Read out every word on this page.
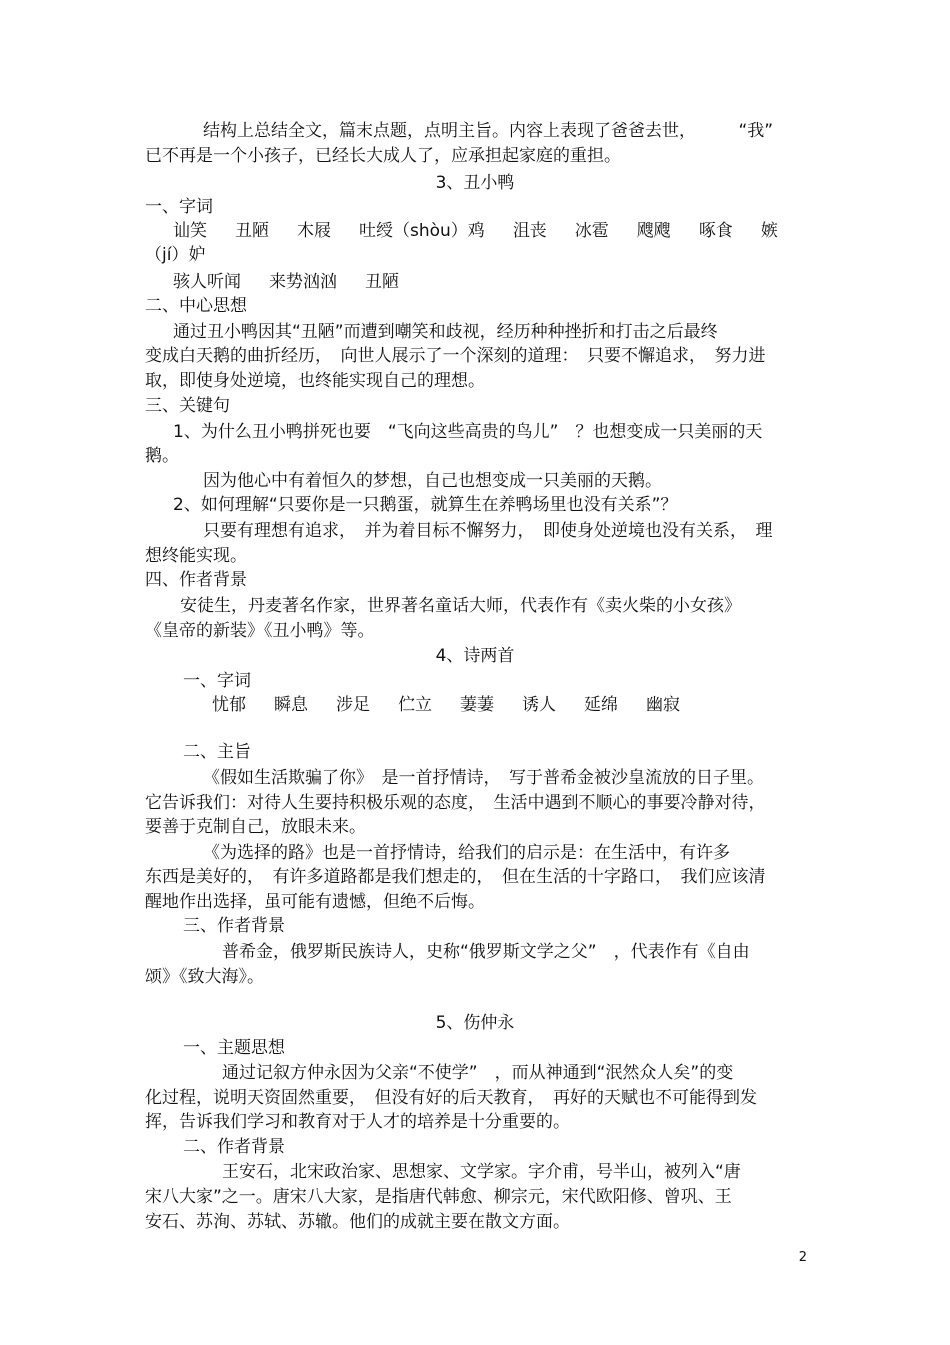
结构上总结全文，篇末点题，点明主旨。内容上表现了爸爸去世，　　　“我”
已不再是一个小孩子，已经长大成人了，应承担起家庭的重担。
3、丑小鸭
一、字词
讪笑 丑陋 木屐 吐绶（shòu）鸡 沮丧 冰雹 飕飕 啄食 嫉
（jí）妒
骇人听闻 来势汹汹 丑陋
二、中心思想
通过丑小鸭因其“丑陋”而遭到嘲笑和歧视，经历种种挫折和打击之后最终
变成白天鹅的曲折经历，　向世人展示了一个深刻的道理：　只要不懈追求，　努力进
取，即使身处逆境，也终能实现自己的理想。
三、关键句
1、为什么丑小鸭拼死也要　“飞向这些高贵的鸟儿”　？也想变成一只美丽的天
鹅。
因为他心中有着恒久的梦想，自己也想变成一只美丽的天鹅。
2、如何理解“只要你是一只鹅蛋，就算生在养鸭场里也没有关系”？
只要有理想有追求，　并为着目标不懈努力，　即使身处逆境也没有关系，　理
想终能实现。
四、作者背景
安徒生，丹麦著名作家，世界著名童话大师，代表作有《卖火柴的小女孩》
《皇帝的新装》《丑小鸭》等。
4、诗两首
一、字词
忧郁 瞬息 涉足 伫立 萋萋 诱人 延绵 幽寂
二、主旨
《假如生活欺骗了你》　是一首抒情诗，　写于普希金被沙皇流放的日子里。
它告诉我们：对待人生要持积极乐观的态度，　生活中遇到不顺心的事要冷静对待，
要善于克制自己，放眼未来。
《为选择的路》也是一首抒情诗，给我们的启示是：在生活中，有许多
东西是美好的，　有许多道路都是我们想走的，　但在生活的十字路口，　我们应该清
醒地作出选择，虽可能有遗憾，但绝不后悔。
三、作者背景
普希金，俄罗斯民族诗人，史称“俄罗斯文学之父”　，代表作有《自由
颂》《致大海》。
5、伤仲永
一、主题思想
通过记叙方仲永因为父亲“不使学”　，而从神通到“泯然众人矣”的变
化过程，说明天资固然重要，　但没有好的后天教育，　再好的天赋也不可能得到发
挥，告诉我们学习和教育对于人才的培养是十分重要的。
二、作者背景
王安石，北宋政治家、思想家、文学家。字介甫，号半山，被列入“唐
宋八大家”之一。唐宋八大家，是指唐代韩愈、柳宗元，宋代欧阳修、曾巩、王
安石、苏洵、苏轼、苏辙。他们的成就主要在散文方面。
2
